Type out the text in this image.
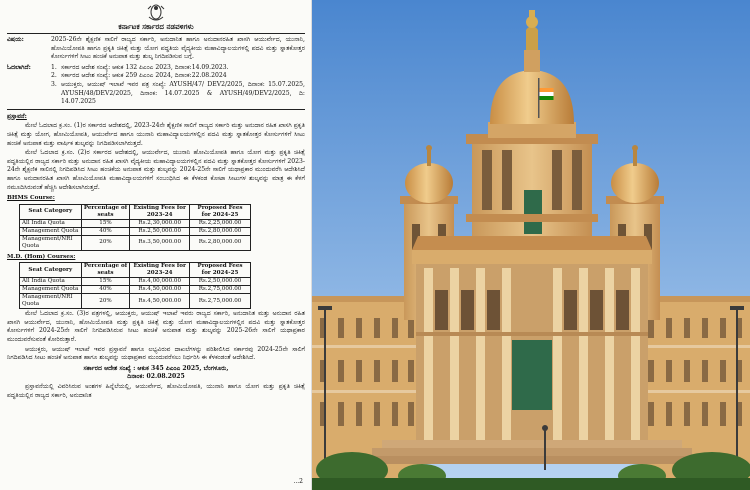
ಕರ್ನಾಟಕ ಸರ್ಕಾರದ ನಡವಳಿಗಳು
ವಿಷಯ:	2025-26ನೇ ಶೈಕ್ಷಣಿಕ ಸಾಲಿಗೆ ರಾಜ್ಯದ ಸರ್ಕಾರಿ, ಅನುದಾನಿತ ಹಾಗೂ ಅನುದಾನರಹಿತ ಖಾಸಗಿ ಆಯುರ್ವೇದ, ಯುನಾನಿ, ಹೋಮಿಯೋಪತಿ ಹಾಗೂ ಪ್ರಕೃತಿ ಚಿಕಿತ್ಸೆ ಮತ್ತು ಯೋಗ ಪದ್ಧತಿಯ ವೈದ್ಯಕೀಯ ಮಹಾವಿದ್ಯಾಲಯಗಳಲ್ಲಿ ಪದವಿ ಮತ್ತು ಸ್ನಾತಕೋತ್ತರ ಕೋರ್ಸುಗಳಿಗೆ ಸೀಟು ಹಂಚಿಕೆ ಅನುಪಾತ ಮತ್ತು ಶುಲ್ಕ ನಿಗದಿಪಡಿಸುವ ಬಗ್ಗೆ.
ಓದಲಾಗಿದೆ:	1. ಸರ್ಕಾರದ ಆದೇಶ ಸಂಖ್ಯೆ: ಆಕುಕ 132 ಪಿಎಂಎ 2023, ದಿನಾಂಕ:14.09.2023.
2. ಸರ್ಕಾರದ ಆದೇಶ ಸಂಖ್ಯೆ: ಆಕುಕ 259 ಪಿಎಂಎ 2024, ದಿನಾಂಕ:22.08.2024
3. ಆಯುಕ್ತರು, ಆಯುಷ್ ಇಲಾಖೆ ಇವರ ಪತ್ರ ಸಂಖ್ಯೆ: AYUSH/47/ DEV2/2025, ದಿನಾಂಕ: 15.07.2025, AYUSH/48/DEV2/2025, ದಿನಾಂಕ: 14.07.2025 & AYUSH/49/DEV2/2025, ದಿ: 14.07.2025
ಪ್ರಸ್ತಾವನೆ:

ಮೇಲೆ ಓದಲಾದ ಕ್ರ.ಸಂ. (1)ರ ಸರ್ಕಾರದ ಆದೇಶದಲ್ಲಿ, 2023-24ನೇ ಶೈಕ್ಷಣಿಕ ಸಾಲಿಗೆ ರಾಜ್ಯದ ಸರ್ಕಾರಿ ಮತ್ತು ಅನುದಾನ ರಹಿತ ಖಾಸಗಿ ಪ್ರಕೃತಿ ಚಿಕಿತ್ಸೆ ಮತ್ತು ಯೋಗ, ಹೋಮಿಯೋಪತಿ, ಆಯುರ್ವೇದ ಹಾಗೂ ಯುನಾನಿ ಮಹಾವಿದ್ಯಾಲಯಗಳಲ್ಲಿನ ಪದವಿ ಮತ್ತು ಸ್ನಾತಕೋತ್ತರ ಕೋರ್ಸುಗಳಿಗೆ ಸೀಟು ಹಂಚಿಕೆ ಅನುಪಾತ ಮತ್ತು ವಾರ್ಷಿಕ ಶುಲ್ಕವನ್ನು ನಿಗದಿಪಡಿಸಲಾಗಿರುತ್ತದೆ.

ಮೇಲೆ ಓದಲಾದ ಕ್ರ.ಸಂ. (2)ರ ಸರ್ಕಾರದ ಆದೇಶದಲ್ಲಿ, ಆಯುರ್ವೇದ, ಯುನಾನಿ ಹೋಮಿಯೋಪತಿ ಹಾಗೂ ಯೋಗ ಮತ್ತು ಪ್ರಕೃತಿ ಚಿಕಿತ್ಸೆ ಪದ್ಧತಿಯಲ್ಲಿನ ರಾಜ್ಯದ ಸರ್ಕಾರಿ ಮತ್ತು ಅನುದಾನ ರಹಿತ ಖಾಸಗಿ ವೈದ್ಯಕೀಯ ಮಹಾವಿದ್ಯಾಲಯಗಳಲ್ಲಿನ ಪದವಿ ಮತ್ತು ಸ್ನಾತಕೋತ್ತರ ಕೋರ್ಸುಗಳಿಗೆ 2023-24ನೇ ಶೈಕ್ಷಣಿಕ ಸಾಲಿನಲ್ಲಿ ನಿಗದಿಪಡಿಸಿದ ಸೀಟು ಹಂಚಿಕೆಯ ಅನುಪಾತ ಮತ್ತು ಶುಲ್ಕವನ್ನು 2024-25ನೇ ಸಾಲಿಗೆ ಯಥಾಪ್ರಕಾರ ಮುಂದುವರೆಸಿ ಆದೇಶಿಸಿದೆ ಹಾಗೂ ಅನುದಾನರಹಿತ ಖಾಸಗಿ ಹೋಮಿಯೋಪತಿ ಮಹಾವಿದ್ಯಾಲಯಗಳಿಗೆ ಸಂಬಂಧಿಸಿದ ಈ ಕೆಳಕಂಡ ಕೋಟಾ ಸೀಟುಗಳ ಶುಲ್ಕವನ್ನು ಮಾತ್ರ ಈ ಕೆಳಗೆ ನಮೂದಿಸಿರುವಂತೆ ಹೆಚ್ಚಿಸಿ ಆದೇಶಿಸಲಾಗಿರುತ್ತದೆ.

BHMS Course:
Seat Category	Percentage of seats	Existing Fees for 2023-24	Proposed Fees for 2024-25
All India Quota	15%	Rs.2,30,000.00	Rs.2,25,000.00
Management Quota	40%	Rs.2,50,000.00	Rs.2,80,000.00
Management/NRI Quota	20%	Rs.3,50,000.00	Rs.2,80,000.00
M.D. (Hom) Courses:
Seat Category	Percentage of seats	Existing Fees for 2023-24	Proposed Fees for 2024-25
All India Quota	15%	Rs.4,00,000.00	Rs.2,50,000.00
Management Quota	40%	Rs.4,50,000.00	Rs.2,75,000.00
Management/NRI Quota	20%	Rs.4,50,000.00	Rs.2,75,000.00

ಮೇಲೆ ಓದಲಾದ ಕ್ರ.ಸಂ. (3)ರ ಪತ್ರಗಳಲ್ಲಿ, ಆಯುಕ್ತರು, ಆಯುಷ್ ಇಲಾಖೆ ಇವರು ರಾಜ್ಯದ ಸರ್ಕಾರಿ, ಅನುದಾನಿತ ಮತ್ತು ಅನುದಾನ ರಹಿತ ಖಾಸಗಿ ಆಯುರ್ವೇದ, ಯುನಾನಿ, ಹೋಮಿಯೋಪತಿ ಮತ್ತು ಪ್ರಕೃತಿ ಚಿಕಿತ್ಸೆ ಮತ್ತು ಯೋಗ ಮಹಾವಿದ್ಯಾಲಯಗಳಲ್ಲಿನ ಪದವಿ ಮತ್ತು ಸ್ನಾತಕೋತ್ತರ ಕೋರ್ಸುಗಳಿಗೆ 2024-25ನೇ ಸಾಲಿಗೆ ನಿಗದಿಪಡಿಸಿರುವ ಸೀಟು ಹಂಚಿಕೆ ಅನುಪಾತ ಮತ್ತು ಶುಲ್ಕವನ್ನು 2025-26ನೇ ಸಾಲಿಗೆ ಯಥಾಪ್ರಕಾರ ಮುಂದುವರೆಸುವಂತೆ ಕೋರಿರುತ್ತಾರೆ.

ಆಯುಕ್ತರು, ಆಯುಷ್ ಇಲಾಖೆ ಇವರ ಪ್ರಸ್ತಾವನೆ ಹಾಗೂ ಲಭ್ಯವಿರುವ ದಾಖಲೆಗಳನ್ನು ಪರಿಶೀಲಿಸಿದ ಸರ್ಕಾರವು 2024-25ನೇ ಸಾಲಿಗೆ ನಿಗದಿಪಡಿಸಿದ ಸೀಟು ಹಂಚಿಕೆ ಅನುಪಾತ ಹಾಗೂ ಶುಲ್ಕವನ್ನು ಯಥಾಪ್ರಕಾರ ಮುಂದುವರೆಸಲು ನಿರ್ಧರಿಸಿ ಈ ಕೆಳಕಂಡಂತೆ ಆದೇಶಿಸಿದೆ.

ಸರ್ಕಾರದ ಆದೇಶ ಸಂಖ್ಯೆ : ಆಕುಕ 345 ಪಿಎಂಎ 2025, ಬೆಂಗಳೂರು,
ದಿನಾಂಕ: 02.08.2025

ಪ್ರಸ್ತಾವನೆಯಲ್ಲಿ ವಿವರಿಸಿರುವ ಅಂಶಗಳ ಹಿನ್ನೆಲೆಯಲ್ಲಿ, ಆಯುರ್ವೇದ, ಹೋಮಿಯೋಪತಿ, ಯುನಾನಿ ಹಾಗೂ ಯೋಗ ಮತ್ತು ಪ್ರಕೃತಿ ಚಿಕಿತ್ಸೆ ಪದ್ಧತಿಯಲ್ಲಿನ ರಾಜ್ಯದ ಸರ್ಕಾರಿ, ಅನುದಾನಿತ

...2
